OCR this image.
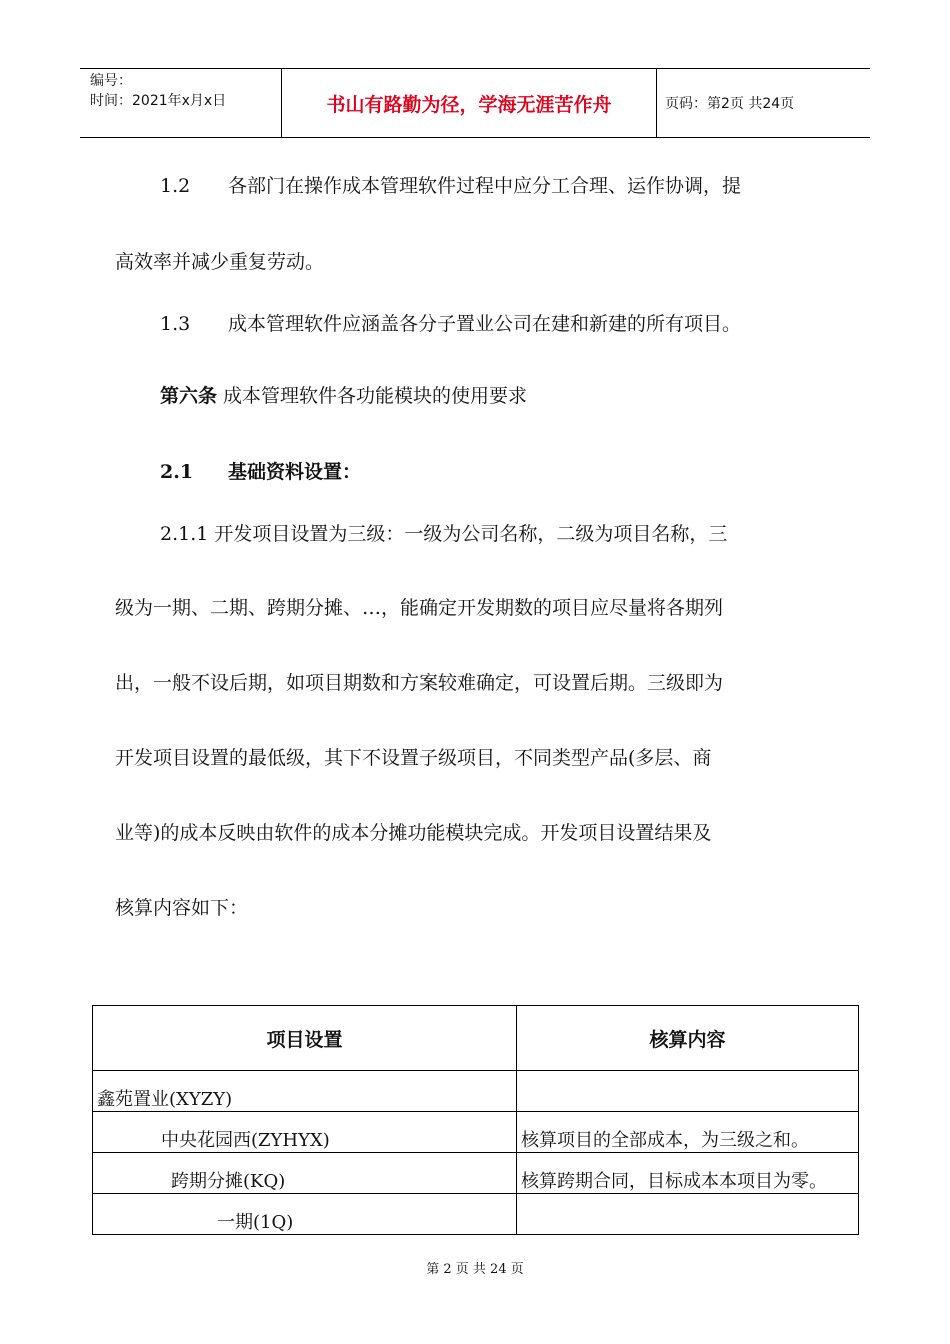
编号：
时间：2021年x月x日	书山有路勤为径，学海无涯苦作舟	页码：第2页 共24页
1.2 各部门在操作成本管理软件过程中应分工合理、运作协调，提
高效率并减少重复劳动。
1.3 成本管理软件应涵盖各分子置业公司在建和新建的所有项目。
第六条 成本管理软件各功能模块的使用要求
2.1 基础资料设置：
2.1.1 开发项目设置为三级：一级为公司名称，二级为项目名称，三
级为一期、二期、跨期分摊、…，能确定开发期数的项目应尽量将各期列
出，一般不设后期，如项目期数和方案较难确定，可设置后期。三级即为
开发项目设置的最低级，其下不设置子级项目，不同类型产品(多层、商
业等)的成本反映由软件的成本分摊功能模块完成。开发项目设置结果及
核算内容如下：
项目设置	核算内容
鑫苑置业(XYZY)	
中央花园西(ZYHYX)	核算项目的全部成本，为三级之和。
跨期分摊(KQ)	核算跨期合同，目标成本本项目为零。
一期(1Q)	
第 2 页 共 24 页
